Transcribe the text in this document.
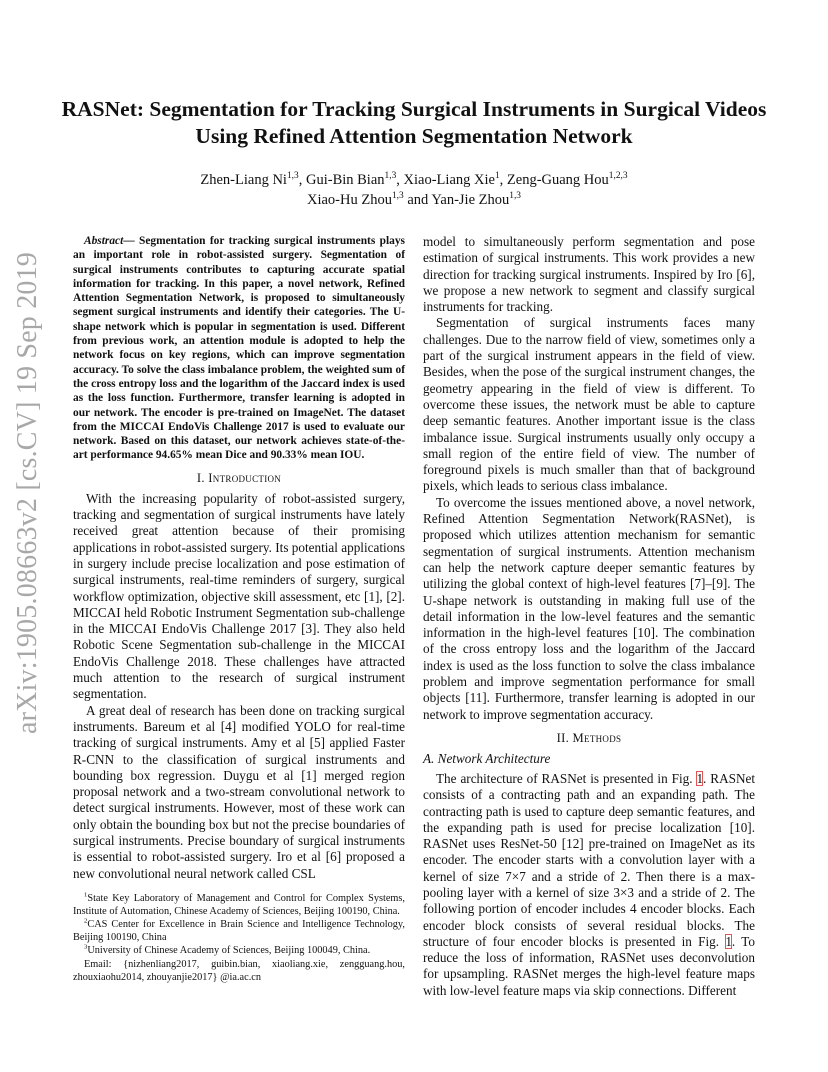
arXiv:1905.08663v2 [cs.CV] 19 Sep 2019
RASNet: Segmentation for Tracking Surgical Instruments in Surgical Videos Using Refined Attention Segmentation Network
Zhen-Liang Ni$^{1,3}$, Gui-Bin Bian$^{1,3}$, Xiao-Liang Xie$^1$, Zeng-Guang Hou$^{1,2,3}$
Xiao-Hu Zhou$^{1,3}$ and Yan-Jie Zhou$^{1,3}$

Abstract— Segmentation for tracking surgical instruments plays an important role in robot-assisted surgery. Segmentation of surgical instruments contributes to capturing accurate spatial information for tracking. In this paper, a novel network, Refined Attention Segmentation Network, is proposed to simultaneously segment surgical instruments and identify their categories. The U-shape network which is popular in segmentation is used. Different from previous work, an attention module is adopted to help the network focus on key regions, which can improve segmentation accuracy. To solve the class imbalance problem, the weighted sum of the cross entropy loss and the logarithm of the Jaccard index is used as the loss function. Furthermore, transfer learning is adopted in our network. The encoder is pre-trained on ImageNet. The dataset from the MICCAI EndoVis Challenge 2017 is used to evaluate our network. Based on this dataset, our network achieves state-of-the-art performance 94.65% mean Dice and 90.33% mean IOU.

I. Introduction

With the increasing popularity of robot-assisted surgery, tracking and segmentation of surgical instruments have lately received great attention because of their promising applications in robot-assisted surgery. Its potential applications in surgery include precise localization and pose estimation of surgical instruments, real-time reminders of surgery, surgical workflow optimization, objective skill assessment, etc [1], [2]. MICCAI held Robotic Instrument Segmentation sub-challenge in the MICCAI EndoVis Challenge 2017 [3]. They also held Robotic Scene Segmentation sub-challenge in the MICCAI EndoVis Challenge 2018. These challenges have attracted much attention to the research of surgical instrument segmentation.

A great deal of research has been done on tracking surgical instruments. Bareum et al [4] modified YOLO for real-time tracking of surgical instruments. Amy et al [5] applied Faster R-CNN to the classification of surgical instruments and bounding box regression. Duygu et al [1] merged region proposal network and a two-stream convolutional network to detect surgical instruments. However, most of these work can only obtain the bounding box but not the precise boundaries of surgical instruments. Precise boundary of surgical instruments is essential to robot-assisted surgery. Iro et al [6] proposed a new convolutional neural network called CSL

$^1$State Key Laboratory of Management and Control for Complex Systems, Institute of Automation, Chinese Academy of Sciences, Beijing 100190, China.

$^2$CAS Center for Excellence in Brain Science and Intelligence Technology, Beijing 100190, China

$^3$University of Chinese Academy of Sciences, Beijing 100049, China.

Email: {nizhenliang2017, guibin.bian, xiaoliang.xie, zengguang.hou, zhouxiaohu2014, zhouyanjie2017} @ia.ac.cn

model to simultaneously perform segmentation and pose estimation of surgical instruments. This work provides a new direction for tracking surgical instruments. Inspired by Iro [6], we propose a new network to segment and classify surgical instruments for tracking.

Segmentation of surgical instruments faces many challenges. Due to the narrow field of view, sometimes only a part of the surgical instrument appears in the field of view. Besides, when the pose of the surgical instrument changes, the geometry appearing in the field of view is different. To overcome these issues, the network must be able to capture deep semantic features. Another important issue is the class imbalance issue. Surgical instruments usually only occupy a small region of the entire field of view. The number of foreground pixels is much smaller than that of background pixels, which leads to serious class imbalance.

To overcome the issues mentioned above, a novel network, Refined Attention Segmentation Network(RASNet), is proposed which utilizes attention mechanism for semantic segmentation of surgical instruments. Attention mechanism can help the network capture deeper semantic features by utilizing the global context of high-level features [7]–[9]. The U-shape network is outstanding in making full use of the detail information in the low-level features and the semantic information in the high-level features [10]. The combination of the cross entropy loss and the logarithm of the Jaccard index is used as the loss function to solve the class imbalance problem and improve segmentation performance for small objects [11]. Furthermore, transfer learning is adopted in our network to improve segmentation accuracy.

II. Methods
A. Network Architecture

The architecture of RASNet is presented in Fig. 1. RASNet consists of a contracting path and an expanding path. The contracting path is used to capture deep semantic features, and the expanding path is used for precise localization [10]. RASNet uses ResNet-50 [12] pre-trained on ImageNet as its encoder. The encoder starts with a convolution layer with a kernel of size 7×7 and a stride of 2. Then there is a max-pooling layer with a kernel of size 3×3 and a stride of 2. The following portion of encoder includes 4 encoder blocks. Each encoder block consists of several residual blocks. The structure of four encoder blocks is presented in Fig. 1. To reduce the loss of information, RASNet uses deconvolution for upsampling. RASNet merges the high-level feature maps with low-level feature maps via skip connections. Different
